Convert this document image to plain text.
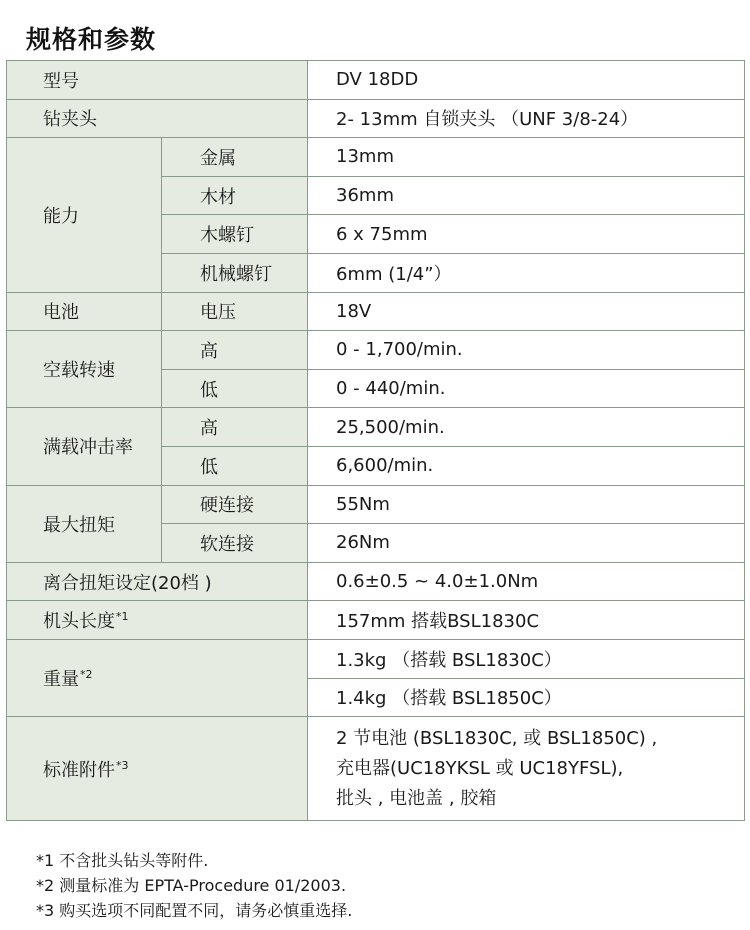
规格和参数
型号		DV 18DD
钻夹头		2- 13mm 自锁夹头 （UNF 3/8-24）
能力	金属	13mm
	木材	36mm
	木螺钉	6 x 75mm
	机械螺钉	6mm (1/4”）
电池	电压	18V
空载转速	高	0 - 1,700/min.
	低	0 - 440/min.
满载冲击率	高	25,500/min.
	低	6,600/min.
最大扭矩	硬连接	55Nm
	软连接	26Nm
离合扭矩设定(20档 )		0.6±0.5 ~ 4.0±1.0Nm
机头长度$^{*1}$		157mm 搭载BSL1830C
重量$^{*2}$		1.3kg （搭载 BSL1830C）
		1.4kg （搭载 BSL1850C）
标准附件$^{*3}$		2 节电池 (BSL1830C, 或 BSL1850C) ,
充电器(UC18YKSL 或 UC18YFSL),
批头 , 电池盖 , 胶箱
*1 不含批头钻头等附件.
*2 测量标准为 EPTA-Procedure 01/2003.
*3 购买选项不同配置不同，请务必慎重选择.
